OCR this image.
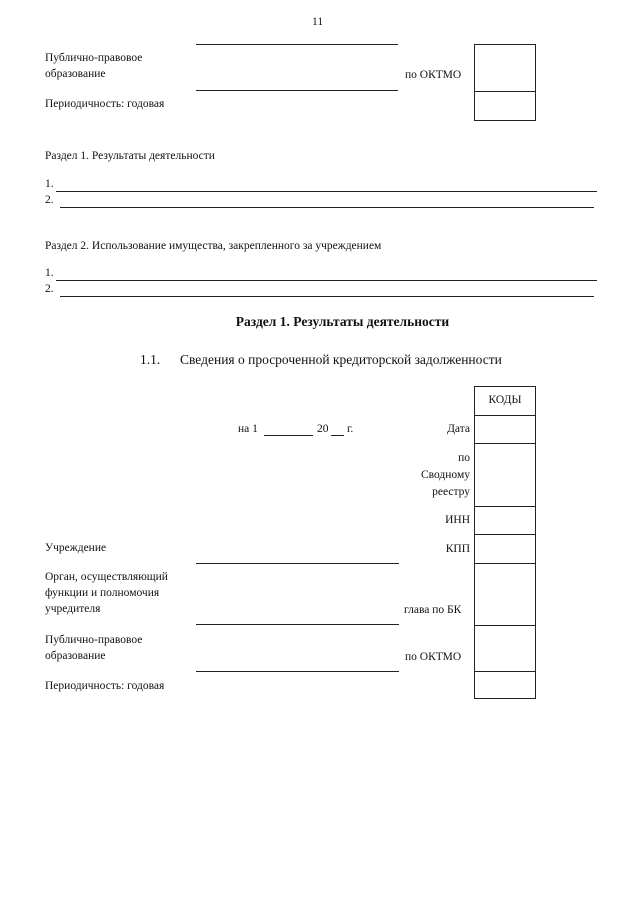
11
Публично-правовое
образование	по ОКТМО
Периодичность: годовая
Раздел 1. Результаты деятельности
1.
2.
Раздел 2. Использование имущества, закрепленного за учреждением
1.
2.
Раздел 1. Результаты деятельности
1.1. Сведения о просроченной кредиторской задолженности
КОДЫ
на 1	20 г.	Дата
по
Сводному
реестру
ИНН
КПП
Учреждение
Орган, осуществляющий
функции и полномочия
учредителя	глава по БК
Публично-правовое
образование	по ОКТМО
Периодичность: годовая
